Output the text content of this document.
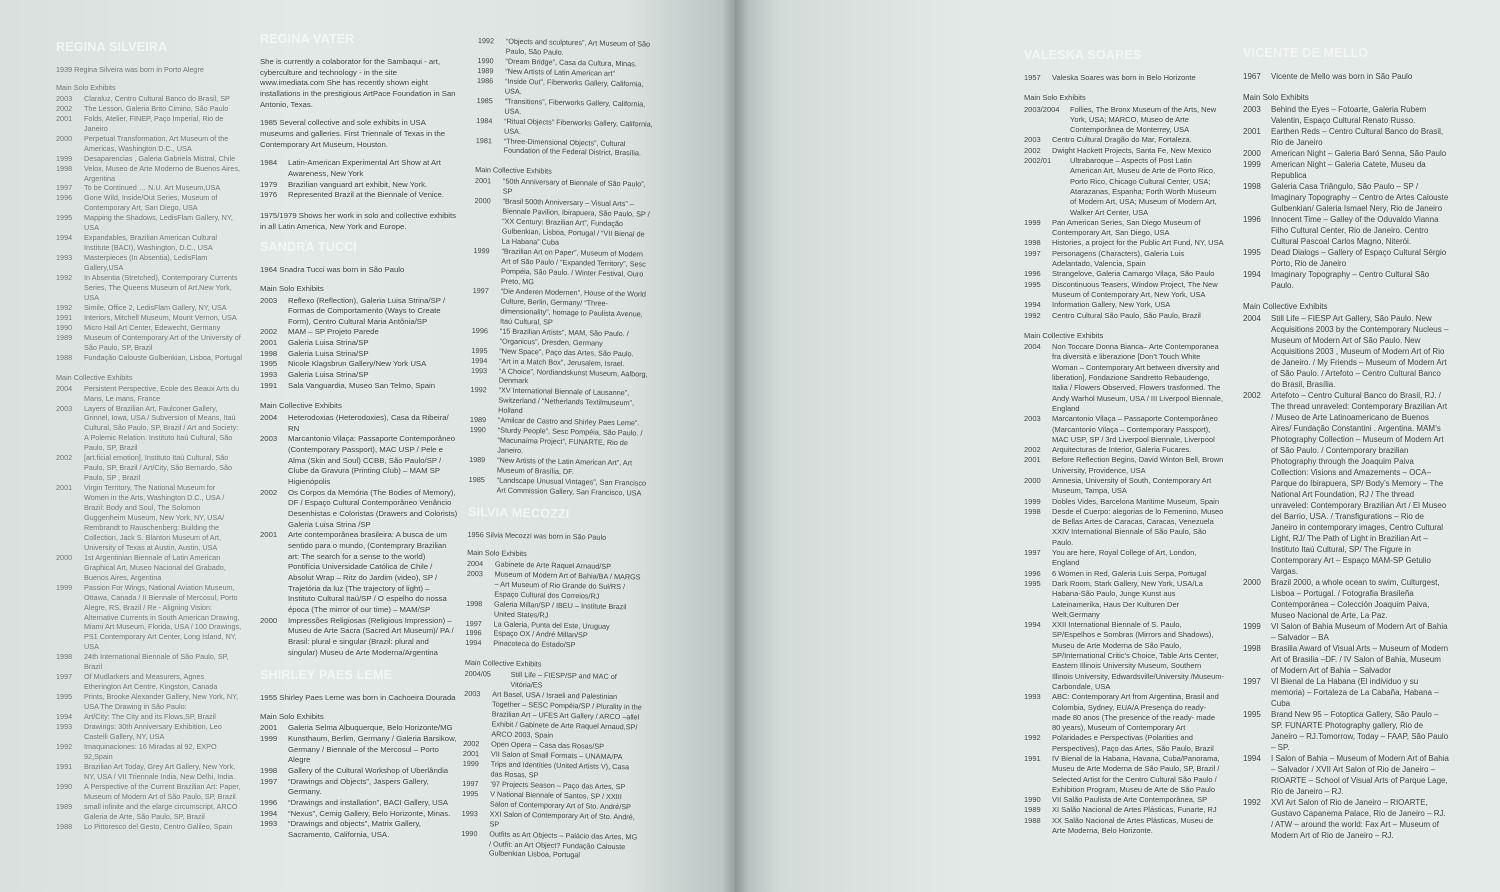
REGINA SILVEIRA
1939 Regina Silveira was born in Porto Alegre
Main Solo Exhibits
2003	Claraluz, Centro Cultural Banco do Brasil, SP
2002	The Lesson, Galeria Brito Cimino, São Paulo
2001	Folds, Atelier, FINEP, Paço Imperial, Rio de Janeiro
2000	Perpetual Transformation, Art Museum of the Americas, Washington D.C., USA
1999	Desaparencias , Galeria Gabriela Mistral, Chile
1998	Velox, Museo de Arte Moderno de Buenos Aires, Argentina
1997	To be Continued … N.U. Art Museum,USA
1996	Gone Wild, Inside/Out Series, Museum of Contemporary Art, San Diego, USA
1995	Mapping the Shadows, LedisFlam Gallery, NY, USA
1994	Expandables, Brazilian American Cultural Institute (BACI), Washington, D.C., USA
1993	Masterpieces (In Absentia), LedisFlam Gallery,USA
1992	In Absentia (Stretched), Contemporary Currents Series, The Queens Museum of Art,New York, USA
1992	Simile, Office 2, LedisFlam Gallery, NY, USA
1991	Interiors, Mitchell Museum, Mount Vernon, USA
1990	Micro Hall Art Center, Edewecht, Germany
1989	Museum of Contemporary Art of the University of São Paulo, SP, Brazil
1988	Fundação Calouste Gulbenkian, Lisboa, Portugal
Main Collective Exhibits
2004	Persistent Perspective, Ecole des Beaux Arts du Mans, Le mans, France
2003	Layers of Brazilian Art, Faulconer Gallery, Grinnel, Iowa, USA / Subversion of Means, Itaú Cultural, São Paulo, SP, Brazil / Art and Society: A Polemic Relation. Instituto Itaú Cultural, São Paulo, SP, Brazil
2002	[art.ficial emotion], Instituto Itaú Cultural, São Paulo, SP, Brazil / Art/City, São Bernardo, São Paulo, SP , Brazil
2001	Virgin Territory, The National Museum for Women in the Arts, Washington D.C., USA / Brazil: Body and Soul, The Solomon Guggenheim Museum, New York, NY, USA/ Rembrandt to Rauschenberg: Building the Collection, Jack S. Blanton Museum of Art, University of Texas at Austin, Austin, USA
2000	1st Argentinian Biennale of Latin American Graphical Art, Museo Nacional del Grabado, Buenos Aires, Argentina
1999	Passion For Wings, National Aviation Museum, Ottawa, Canada / II Biennale of Mercosul, Porto Alegre, RS, Brazil / Re - Aligning Vision: Alternative Currents in South American Drawing, Miami Art Museum, Florida, USA / 100 Drawings, PS1 Contemporary Art Center, Long Island, NY, USA
1998	24th International Biennale of São Paulo, SP, Brazil
1997	Of Mudlarkers and Measurers, Agnes Etherington Art Centre, Kingston, Canada
1995	Prints, Brooke Alexander Gallery, New York, NY, USA The Drawing in São Paulo:
1994	Art/City: The City and its Flows,SP, Brazil
1993	Drawings: 30th Anniversary Exhibition, Leo Castelli Gallery, NY, USA
1992	Imaquinaciones: 16 Miradas al 92, EXPO 92,Spain
1991	Brazilian Art Today, Grey Art Gallery, New York, NY, USA / VII Triennale India, New Delhi, India.
1990	A Perspective of the Current Brazilian Art: Paper, Museum of Modern Art of São Paulo, SP, Brazil
1989	small infinite and the elarge circumscript, ARCO Galeria de Arte, São Paulo, SP, Brazil
1988	Lo Pittoresco del Gesto, Centro Galileo, Spain
REGINA VATER
She is currently a colaborator for the Sambaqui - art, cyberculture and technology - in the site www.imediata.com She has recently shown eight installations in the prestigious ArtPace Foundation in San Antonio, Texas.
1985 Several collective and sole exhibits in USA museums and galleries. First Triennale of Texas in the Contemporary Art Museum, Houston.
1984	Latin-American Experimental Art Show at Art Awareness, New York
1979	Brazilian vanguard art exhibit, New York.
1976	Represented Brazil at the Biennale of Venice.
1975/1979 Shows her work in solo and collective exhibits in all Latin America, New York and Europe.
SANDRA TUCCI
1964 Snadra Tucci was born in São Paulo
Main Solo Exhibits
2003	Reflexo (Reflection), Galeria Luisa Strina/SP / Formas de Comportamento (Ways to Create Form), Centro Cultural Maria Antônia/SP
2002	MAM – SP Projeto Parede
2001	Galeria Luisa Strina/SP
1998	Galeria Luisa Strina/SP
1995	Nicole Klagsbrun Gallery/New York USA
1993	Galeria Luisa Strina/SP
1991	Sala Vanguardia, Museo San Telmo, Spain
Main Collective Exhibits
2004	Heterodoxias (Heterodoxies), Casa da Ribeira/ RN
2003	Marcantonio Vilaça: Passaporte Contemporâneo (Contemporary Passport), MAC USP / Pele e Alma (Skin and Soul) CCBB, São Paulo/SP / Clube da Gravura (Printing Club) – MAM SP Higienópolis
2002	Os Corpos da Memória (The Bodies of Memory), DF / Espaço Cultural Contemporâneo Venâncio Desenhistas e Coloristas (Drawers and Colorists) Galeria Luisa Strina /SP
2001	Arte contemporânea brasileira: A busca de um sentido para o mundo, (Contemprary Brazilian art: The search for a sense to the world) Pontifícia Universidade Católica de Chile / Absolut Wrap – Ritz do Jardim (video), SP / Trajetória da luz (The trajectory of light) – Instituto Cultural Itaú/SP / O espelho do nossa época (The mirror of our time) – MAM/SP
2000	Impressões Religiosas (Religious Impression) – Museu de Arte Sacra (Sacred Art Museum)/ PA / Brasil: plural e singular (Brazil: plural and singular) Museu de Arte Moderna/Argentina
SHIRLEY PAES LEME
1955 Shirley Paes Leme was born in Cachoeira Dourada
Main Solo Exhibits
2001	Galeria Selma Albuquerque, Belo Horizonte/MG
1999	Kunsthaum, Berlim, Germany / Galeria Barsikow, Germany / Biennale of the Mercosul – Porto Alegre
1998	Gallery of the Cultural Workshop of Uberlândia
1997	“Drawings and Objects”, Jaspers Gallery, Germany.
1996	“Drawings and installation”, BACI Gallery, USA
1994	“Nexus”, Cemig Gallery, Belo Horizonte, Minas.
1993	“Drawings and objects”, Matrix Gallery, Sacramento, California, USA.
1992	“Objects and sculptures”, Art Museum of São Paulo, São Paulo.
1990	“Dream Bridge”, Casa da Cultura, Minas.
1989	“New Artists of Latin American art”
1986	“Inside Out”, Fiberworks Gallery, California, USA.
1985	“Transitions”, Fiberworks Gallery, California, USA.
1984	“Ritual Objects” Fiberworks Gallery, California, USA.
1981	“Three-Dimensional Objects”, Cultural Foundation of the Federal District, Brasília.
Main Collective Exhibits
2001	“50th Anniversary of Biennale of São Paulo”, SP
2000	“Brasil 500th Anniversary – Visual Arts” – Biennale Pavilion, Ibirapuera, São Paulo, SP / “XX Century: Brazilian Art”, Fundação Gulbenkian, Lisboa, Portugal / “VII Bienal de La Habana” Cuba
1999	“Brazilian Art on Paper”, Museum of Modern Art of São Paulo / “Expanded Territory”, Sesc Pompéia, São Paulo. / Winter Festival, Ouro Preto, MG
1997	“Die Anderen Modernen”, House of the World Culture, Berlin, Germany/ “Three-dimensionality”, homage to Paulista Avenue, Itaú Cultural, SP
1996	“15 Brazilian Artists”, MAM, São Paulo. / “Organicus”, Dresden, Germany
1995	“New Space”, Paço das Artes, São Paulo.
1994	“Art in a Match Box”, Jerusalem, Israel.
1993	“A Choice”, Nordiandskunst Museum, Aalborg, Denmark
1992	“XV International Biennale of Lausanne”, Switzerland / “Netherlands Textilmuseum”, Holland
1989	“Amilcar de Castro and Shirley Paes Leme”.
1990	“Sturdy People”, Sesc Pompéia, São Paulo. / “Macunaíma Project”, FUNARTE, Rio de Janeiro.
1989	“New Artists of the Latin American Art”, Art Museum of Brasília, DF.
1985	“Landscape Unusual Vintages”, San Francisco Art Commission Gallery, San Francisco, USA
SILVIA MECOZZI
1956 Silvia Mecozzi was born in São Paulo
Main Solo Exhibits
2004	Gabinete de Arte Raquel Arnaud/SP
2003	Museum of Modern Art of Bahia/BA / MARGS – Art Museum of Rio Grande do Sul/RS / Espaço Cultural dos Correios/RJ
1998	Galeria Millan/SP / IBEU – Institute Brazil United States/RJ
1997	La Galeria, Punta del Este, Uruguay
1996	Espaço OX / André Millan/SP
1994	Pinacoteca do Estado/SP
Main Collective Exhibits
2004/05	Still Life – FIESP/SP and MAC of Vitória/ES
2003	Art Basel, USA / Israeli and Palestinian Together – SESC Pompéia/SP / Plurality in the Brazilian Art – UFES Art Gallery / ARCO –allel Exhibit / Gabinete de Arte Raquel Arnaud,SP/ ARCO 2003, Spain
2002	Open Opera – Casa das Rosas/SP
2001	VII Salon of Small Formats – UNAMA/PA
1999	Trips and Identities (United Artists V), Casa das Rosas, SP
1997	‘97 Projects Season – Paço das Artes, SP
1995	V National Biennale of Santos, SP / XXIII Salon of Contemporary Art of Sto. André/SP
1993	XXI Salon of Contemporary Art of Sto. André, SP
1990	Outfits as Art Objects – Palácio das Artes, MG / Outfit: an Art Object? Fundação Calouste Gulbenkian Lisboa, Portugal
VALESKA SOARES
1957	Valeska Soares was born in Belo Horizonte
Main Solo Exhibits
2003/2004	Follies, The Bronx Museum of the Arts, New York, USA; MARCO, Museo de Arte Contemporânea de Monterrey, USA
2003	Centro Cultural Dragão do Mar, Fortaleza.
2002	Dwight Hackett Projects, Santa Fe, New Mexico
2002/01	Ultrabaroque – Aspects of Post Latin American Art, Museu de Arte de Porto Rico, Porto Rico, Chicago Cultural Center, USA; Atarazanas, Espanha; Forth Worth Museum of Modern Art, USA; Museum of Modern Art, Walker Art Center, USA
1999	Pan American Series, San Diego Museum of Contemporary Art, San Diego, USA
1998	Histories, a project for the Public Art Fund, NY, USA
1997	Personagens (Characters), Galeria Luis Adelantado, Valencia, Spain
1996	Strangelove, Galeria Camargo Vilaça, São Paulo
1995	Discontinuous Teasers, Window Project, The New Museum of Contemporary Art, New York, USA
1994	Information Gallery, New York, USA
1992	Centro Cultural São Paulo, São Paulo, Brazil
Main Collective Exhibits
2004	Non Toccare Donna Bianca– Arte Contemporanea fra diversità e liberazione [Don’t Touch White Woman – Contemporary Art between diversity and liberation], Fondazione Sandretto Rebaudengo, Italia / Flowers Observed, Flowers trasformed. The Andy Warhol Museum, USA / III Liverpool Biennale, England
2003	Marcantonio Vilaça – Passaporte Contemporâneo (Marcantonio Vilaça – Contemporary Passport), MAC USP, SP / 3rd Liverpool Biennale, Liverpool
2002	Arquitecturas de Interior, Galeria Fucares.
2001	Before Reflection Begins, David Winton Bell, Brown University, Providence, USA
2000	Amnesia, University of South, Contemporary Art Museum, Tampa, USA
1999	Dobles Vides, Barcelona Maritime Museum, Spain
1998	Desde el Cuerpo: alegorias de lo Femenino, Museo de Bellas Artes de Caracas, Caracas, Venezuela XXIV International Biennale of São Paulo, São Paulo.
1997	You are here, Royal College of Art, London, England
1996	6 Women in Red, Galeria Luis Serpa, Portugal
1995	Dark Room, Stark Gallery, New York, USA/La Habana-São Paulo, Junge Kunst aus Lateinamerika, Haus Der Kulturen Der Welt,Germany
1994	XXII International Biennale of S. Paulo, SP/Espelhos e Sombras (Mirrors and Shadows), Museu de Arte Moderna de São Paulo, SP/International Critic’s Choice, Table Arts Center, Eastern Illinois University Museum, Southern Illinois University, Edwardsville/University /Museum-Carbondale, USA
1993	ABC: Contemporary Art from Argentina, Brasil and Colombia, Sydney, EUA/A Presença do ready-made 80 anos (The presence of the ready- made 80 years), Museum of Contemporary Art
1992	Polaridades e Perspectivas (Polarities and Perspectives), Paço das Artes, São Paulo, Brazil
1991	IV Bienal de la Habana, Havana, Cuba/Panorama, Museu de Arte Moderna de São Paulo, SP, Brazil / Selected Artist for the Centro Cultural São Paulo / Exhibition Program, Museu de Arte de São Paulo
1990	VII Salão Paulista de Arte Contemporânea, SP
1989	XI Salão Nacional de Artes Plásticas, Funarte, RJ
1988	XX Salão Nacional de Artes Plásticas, Museu de Arte Moderna, Belo Horizonte.
VICENTE DE MELLO
1967	Vicente de Mello was born in São Paulo
Main Solo Exhibits
2003	Behind the Eyes – Fotoarte, Galeria Rubem Valentin, Espaço Cultural Renato Russo.
2001	Earthen Reds – Centro Cultural Banco do Brasil, Rio de Janeiro
2000	American Night – Galeria Baró Senna, São Paulo
1999	American Night – Galeria Catete, Museu da Republica
1998	Galeria Casa Triângulo, São Paulo – SP / Imaginary Topography – Centro de Artes Calouste Gulbenkian/ Galeria Ismael Nery, Rio de Janeiro
1996	Innocent Time – Galley of the Oduvaldo Vianna Filho Cultural Center, Rio de Janeiro. Centro Cultural Pascoal Carlos Magno, Niterói.
1995	Dead Dialogs – Gallery of Espaço Cultural Sérgio Porto, Rio de Janeiro
1994	Imaginary Topography – Centro Cultural São Paulo.
Main Collective Exhibits
2004	Still Life – FIESP Art Gallery, São Paulo. New Acquisitions 2003 by the Contemporary Nucleus – Museum of Modern Art of São Paulo. New Acquisitions 2003 , Museum of Modern Art of Rio de Janeiro. / My Friends – Museum of Modern Art of São Paulo. / Artefoto – Centro Cultural Banco do Brasil, Brasília.
2002	Artefoto – Centro Cultural Banco do Brasil, RJ. / The thread unraveled: Contemporary Brazilian Art / Museo de Arte Latinoamericano de Buenos Aires/ Fundação Constantini . Argentina. MAM’s Photography Collection – Museum of Modern Art of São Paulo. / Contemporary brazilian Photography through the Joaquim Paiva Collection: Visions and Amazements – OCA– Parque do Ibirapuera, SP/ Body’s Memory – The National Art Foundation, RJ / The thread unraveled: Contemporary Brazilian Art / El Museo del Barrio, USA. / Transfigurations – Rio de Janeiro in contemporary images, Centro Cultural Light, RJ/ The Path of Light in Brazilian Art – Instituto Itaú Cultural, SP/ The Figure in Contemporary Art – Espaço MAM-SP Getulio Vargas.
2000	Brazil 2000, a whole ocean to swim, Culturgest, Lisboa – Portugal. / Fotografia Brasileña Contemporánea – Colección Joaquim Paiva, Museo Nacional de Arte, La Paz.
1999	VI Salon of Bahia Museum of Modern Art of Bahia – Salvador – BA
1998	Brasilia Award of Visual Arts – Museum of Modern Art of Brasilia –DF. / IV Salon of Bahia, Museum of Modern Art of Bahia – Salvador
1997	VI Bienal de La Habana (El individuo y su memoria) – Fortaleza de La Cabaña, Habana – Cuba
1995	Brand New 95 – Fotoptica Gallery, São Paulo – SP. FUNARTE Photography gallery, Rio de Janeiro – RJ.Tomorrow, Today – FAAP, São Paulo – SP.
1994	I Salon of Bahia – Museum of Modern Art of Bahia – Salvador / XVII Art Salon of Rio de Janeiro – RIOARTE – School of Visual Arts of Parque Lage, Rio de Janeiro – RJ.
1992	XVI Art Salon of Rio de Janeiro – RIOARTE, Gustavo Capanema Palace, Rio de Janeiro – RJ. / ATW – around the world: Fax Art – Museum of Modern Art of Rio de Janeiro – RJ.
